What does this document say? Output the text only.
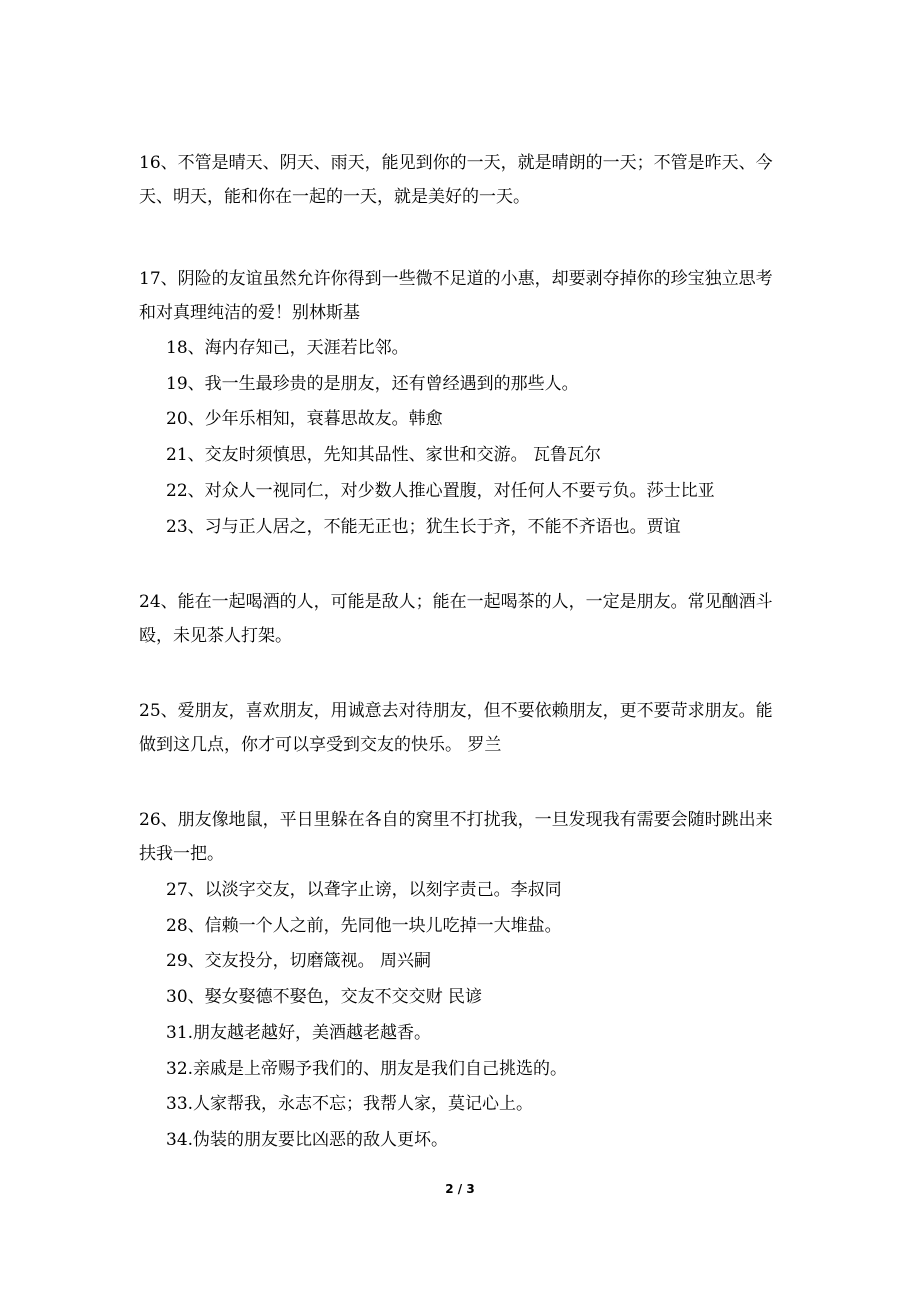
16、不管是晴天、阴天、雨天，能见到你的一天，就是晴朗的一天；不管是昨天、今天、明天，能和你在一起的一天，就是美好的一天。

17、阴险的友谊虽然允许你得到一些微不足道的小惠，却要剥夺掉你的珍宝独立思考和对真理纯洁的爱！别林斯基

18、海内存知己，天涯若比邻。

19、我一生最珍贵的是朋友，还有曾经遇到的那些人。

20、少年乐相知，衰暮思故友。韩愈

21、交友时须慎思，先知其品性、家世和交游。 瓦鲁瓦尔

22、对众人一视同仁，对少数人推心置腹，对任何人不要亏负。莎士比亚

23、习与正人居之，不能无正也；犹生长于齐，不能不齐语也。贾谊

24、能在一起喝酒的人，可能是敌人；能在一起喝茶的人，一定是朋友。常见酗酒斗殴，未见茶人打架。

25、爱朋友，喜欢朋友，用诚意去对待朋友，但不要依赖朋友，更不要苛求朋友。能做到这几点，你才可以享受到交友的快乐。 罗兰

26、朋友像地鼠，平日里躲在各自的窝里不打扰我，一旦发现我有需要会随时跳出来扶我一把。

27、以淡字交友，以聋字止谤，以刻字责己。李叔同

28、信赖一个人之前，先同他一块儿吃掉一大堆盐。

29、交友投分，切磨箴视。 周兴嗣

30、娶女娶德不娶色，交友不交交财 民谚

31.朋友越老越好，美酒越老越香。

32.亲戚是上帝赐予我们的、朋友是我们自己挑选的。

33.人家帮我，永志不忘；我帮人家，莫记心上。

34.伪装的朋友要比凶恶的敌人更坏。

2 / 3
